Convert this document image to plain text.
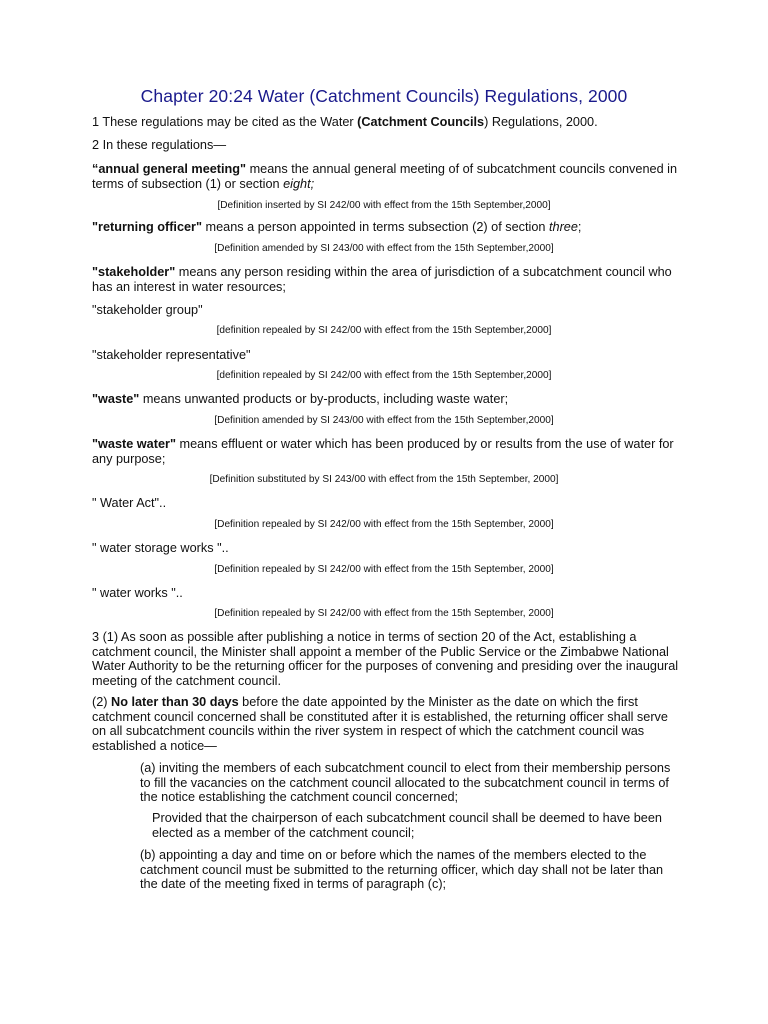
Chapter 20:24 Water (Catchment Councils) Regulations, 2000
1 These regulations may be cited as the Water (Catchment Councils) Regulations, 2000.
2 In these regulations—
“annual general meeting" means the annual general meeting of of subcatchment councils convened in terms of subsection (1) or section eight;
[Definition inserted by SI 242/00 with effect from the 15th September,2000]
"returning officer" means a person appointed in terms subsection (2) of section three;
[Definition amended by SI 243/00 with effect from the 15th September,2000]
"stakeholder" means any person residing within the area of jurisdiction of a subcatchment council who has an interest in water resources;
"stakeholder group"
[definition repealed by SI 242/00 with effect from the 15th September,2000]
"stakeholder representative"
[definition repealed by SI 242/00 with effect from the 15th September,2000]
"waste" means unwanted products or by-products, including waste water;
[Definition amended by SI 243/00 with effect from the 15th September,2000]
"waste water" means effluent or water which has been produced by or results from the use of water for any purpose;
[Definition substituted by SI 243/00 with effect from the 15th September, 2000]
" Water Act"..
[Definition repealed by SI 242/00 with effect from the 15th September, 2000]
" water storage works "..
[Definition repealed by SI 242/00 with effect from the 15th September, 2000]
" water works "..
[Definition repealed by SI 242/00 with effect from the 15th September, 2000]
3 (1) As soon as possible after publishing a notice in terms of section 20 of the Act, establishing a catchment council, the Minister shall appoint a member of the Public Service or the Zimbabwe National Water Authority to be the returning officer for the purposes of convening and presiding over the inaugural meeting of the catchment council.
(2) No later than 30 days before the date appointed by the Minister as the date on which the first catchment council concerned shall be constituted after it is established, the returning officer shall serve on all subcatchment councils within the river system in respect of which the catchment council was established a notice—
(a) inviting the members of each subcatchment council to elect from their membership persons to fill the vacancies on the catchment council allocated to the subcatchment council in terms of the notice establishing the catchment council concerned;
Provided that the chairperson of each subcatchment council shall be deemed to have been elected as a member of the catchment council;
(b) appointing a day and time on or before which the names of the members elected to the catchment council must be submitted to the returning officer, which day shall not be later than the date of the meeting fixed in terms of paragraph (c);
